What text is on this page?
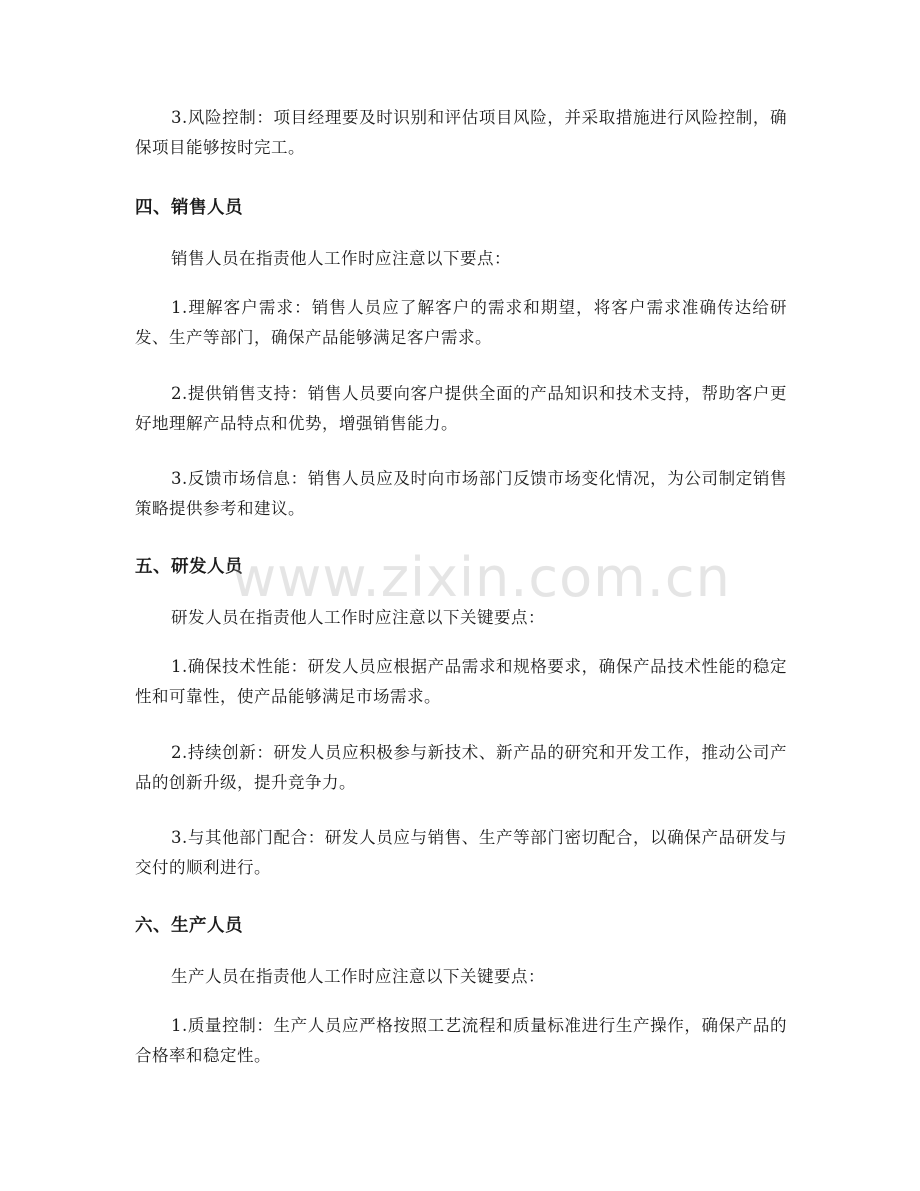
3.风险控制：项目经理要及时识别和评估项目风险，并采取措施进行风险控制，确保项目能够按时完工。

四、销售人员

销售人员在指责他人工作时应注意以下要点：

1.理解客户需求：销售人员应了解客户的需求和期望，将客户需求准确传达给研发、生产等部门，确保产品能够满足客户需求。

2.提供销售支持：销售人员要向客户提供全面的产品知识和技术支持，帮助客户更好地理解产品特点和优势，增强销售能力。

3.反馈市场信息：销售人员应及时向市场部门反馈市场变化情况，为公司制定销售策略提供参考和建议。

五、研发人员

研发人员在指责他人工作时应注意以下关键要点：

1.确保技术性能：研发人员应根据产品需求和规格要求，确保产品技术性能的稳定性和可靠性，使产品能够满足市场需求。

2.持续创新：研发人员应积极参与新技术、新产品的研究和开发工作，推动公司产品的创新升级，提升竞争力。

3.与其他部门配合：研发人员应与销售、生产等部门密切配合，以确保产品研发与交付的顺利进行。

六、生产人员

生产人员在指责他人工作时应注意以下关键要点：

1.质量控制：生产人员应严格按照工艺流程和质量标准进行生产操作，确保产品的合格率和稳定性。

www.zixin.com.cn
